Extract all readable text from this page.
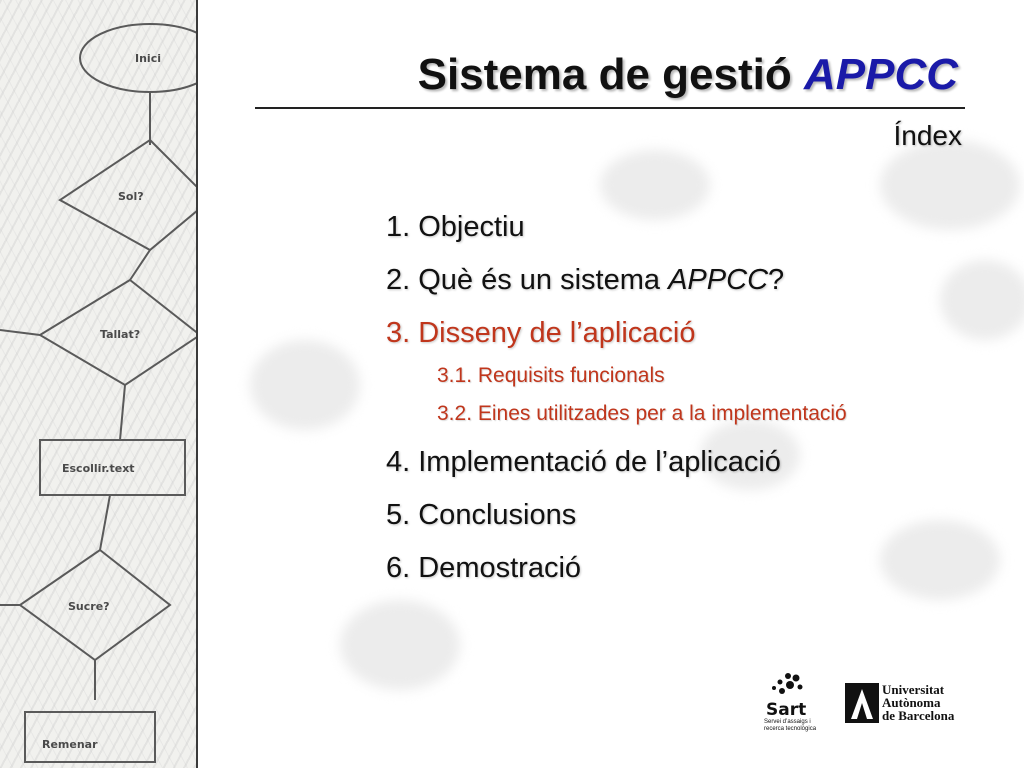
Inici
Sol?
Tallat?
Escollir.text
Sucre?
Remenar
Sistema de gestió APPCC
Índex
1. Objectiu
2. Què és un sistema APPCC?
3. Disseny de l’aplicació
3.1. Requisits funcionals
3.2. Eines utilitzades per a la implementació
4. Implementació de l’aplicació
5. Conclusions
6. Demostració
Sart
Servei d’assaigs i recerca tecnològica
Universitat
Autònoma
de Barcelona
